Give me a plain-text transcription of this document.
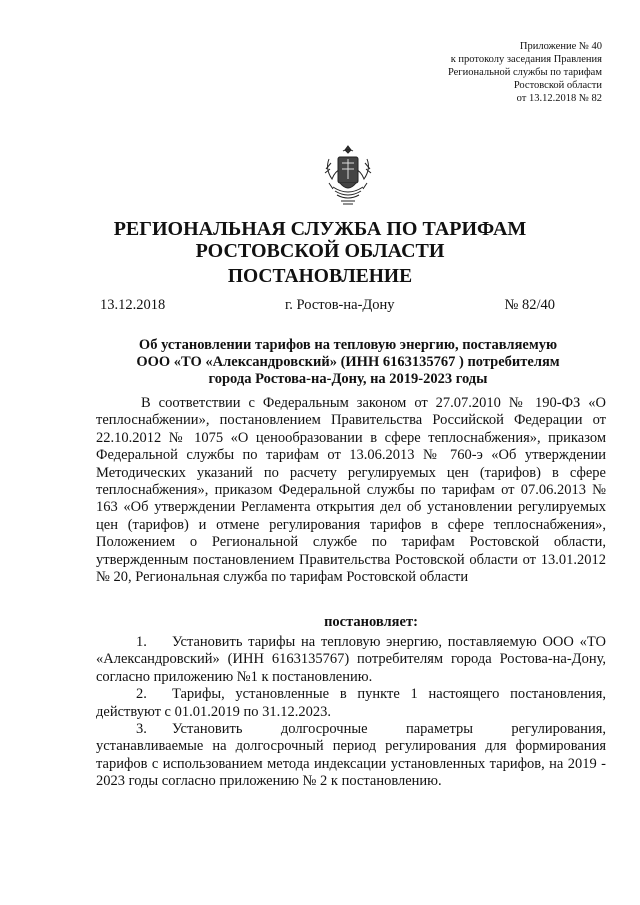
Приложение № 40
к протоколу заседания Правления
Региональной службы по тарифам
Ростовской области
от 13.12.2018 № 82
РЕГИОНАЛЬНАЯ СЛУЖБА ПО ТАРИФАМ
РОСТОВСКОЙ ОБЛАСТИ
ПОСТАНОВЛЕНИЕ
13.12.2018	г. Ростов-на-Дону	№ 82/40
Об установлении тарифов на тепловую энергию, поставляемую
ООО «ТО «Александровский» (ИНН 6163135767 ) потребителям
города Ростова-на-Дону, на 2019-2023 годы
В соответствии с Федеральным законом от 27.07.2010 № 190-ФЗ «О теплоснабжении», постановлением Правительства Российской Федерации от 22.10.2012 № 1075 «О ценообразовании в сфере теплоснабжения», приказом Федеральной службы по тарифам от 13.06.2013 № 760-э «Об утверждении Методических указаний по расчету регулируемых цен (тарифов) в сфере теплоснабжения», приказом Федеральной службы по тарифам от 07.06.2013 № 163 «Об утверждении Регламента открытия дел об установлении регулируемых цен (тарифов) и отмене регулирования тарифов в сфере теплоснабжения», Положением о Региональной службе по тарифам Ростовской области, утвержденным постановлением Правительства Ростовской области от 13.01.2012 № 20, Региональная служба по тарифам Ростовской области
постановляет:
1. Установить тарифы на тепловую энергию, поставляемую ООО «ТО «Александровский» (ИНН 6163135767) потребителям города Ростова-на-Дону, согласно приложению №1 к постановлению.
2. Тарифы, установленные в пункте 1 настоящего постановления, действуют с 01.01.2019 по 31.12.2023.
3. Установить долгосрочные параметры регулирования, устанавливаемые на долгосрочный период регулирования для формирования тарифов с использованием метода индексации установленных тарифов, на 2019 - 2023 годы согласно приложению № 2 к постановлению.
